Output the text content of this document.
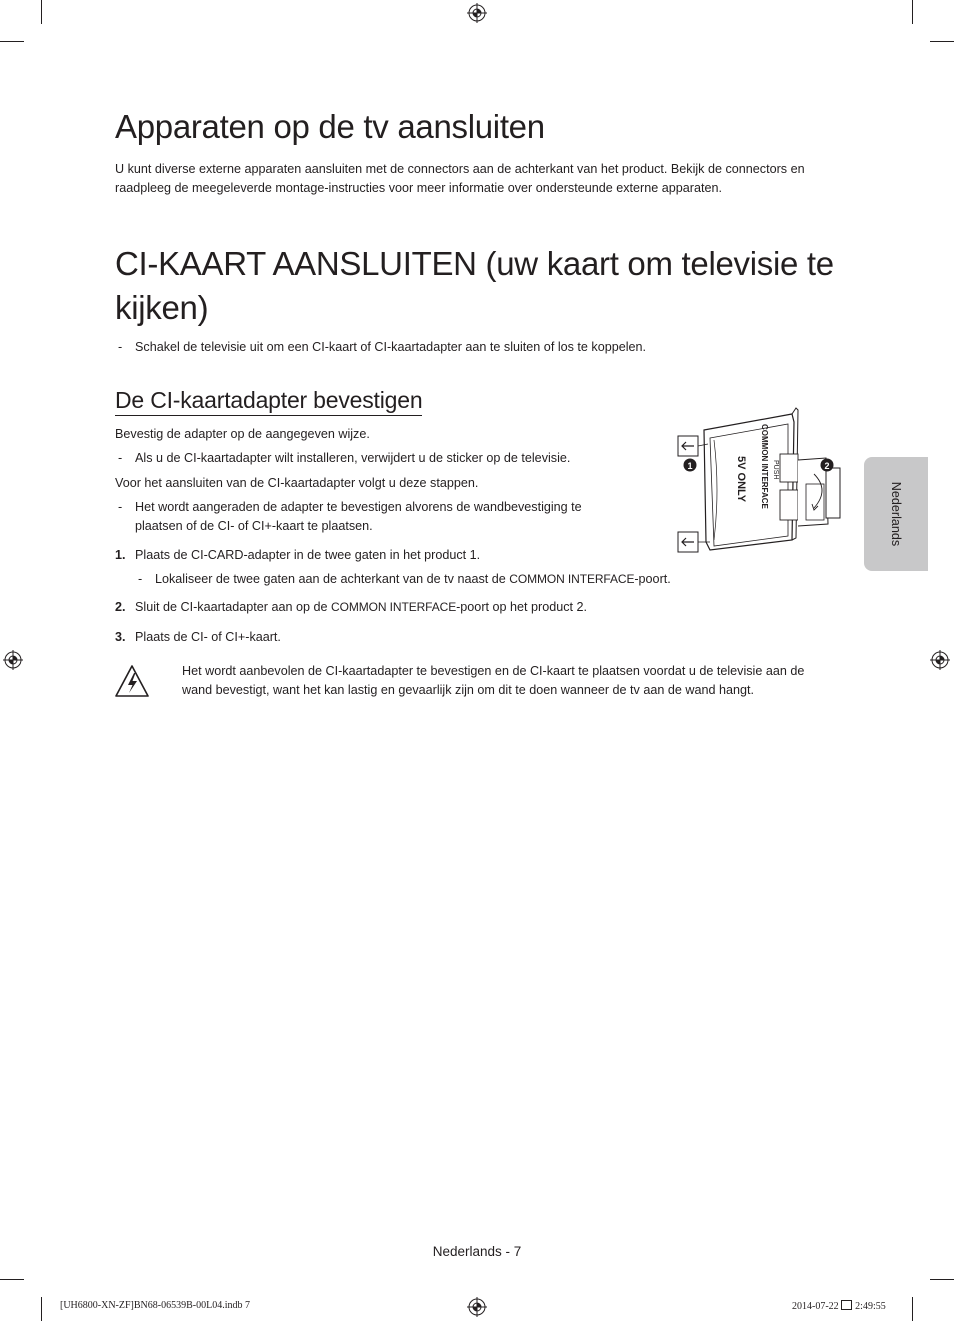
Apparaten op de tv aansluiten

U kunt diverse externe apparaten aansluiten met de connectors aan de achterkant van het product. Bekijk de connectors en raadpleeg de meegeleverde montage-instructies voor meer informatie over ondersteunde externe apparaten.

CI-KAART AANSLUITEN (uw kaart om televisie te kijken)
- Schakel de televisie uit om een CI-kaart of CI-kaartadapter aan te sluiten of los te koppelen.
De CI-kaartadapter bevestigen

Bevestig de adapter op de aangegeven wijze.

- Als u de CI-kaartadapter wilt installeren, verwijdert u de sticker op de televisie.

Voor het aansluiten van de CI-kaartadapter volgt u deze stappen.

- Het wordt aangeraden de adapter te bevestigen alvorens de wandbevestiging te
plaatsen of de CI- of CI+-kaart te plaatsen.
1. Plaats de CI-CARD-adapter in de twee gaten in het product 1.
- Lokaliseer de twee gaten aan de achterkant van de tv naast de COMMON INTERFACE-poort.
2. Sluit de CI-kaartadapter aan op de COMMON INTERFACE-poort op het product 2.
3. Plaats de CI- of CI+-kaart.

Het wordt aanbevolen de CI-kaartadapter te bevestigen en de CI-kaart te plaatsen voordat u de televisie aan de wand bevestigt, want het kan lastig en gevaarlijk zijn om dit te doen wanneer de tv aan de wand hangt.

1	2
COMMON INTERFACE PUSH
5V ONLY
Nederlands
Nederlands - 7
[UH6800-XN-ZF]BN68-06539B-00L04.indb 7	2014-07-22 2:49:55
